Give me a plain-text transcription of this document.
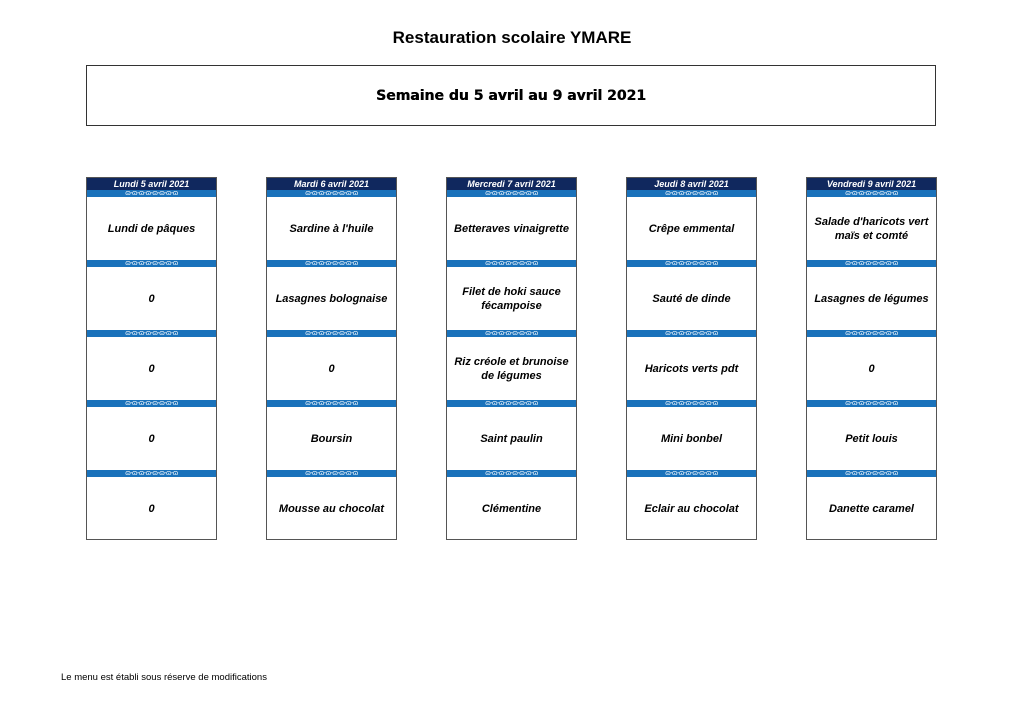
Restauration scolaire YMARE
Semaine du 5 avril au 9 avril 2021
Lundi 5 avril 2021
ɷ-ɷ-ɷ-ɷ-ɷ-ɷ-ɷ-ɷ
Lundi de pâques
ɷ-ɷ-ɷ-ɷ-ɷ-ɷ-ɷ-ɷ
0
ɷ-ɷ-ɷ-ɷ-ɷ-ɷ-ɷ-ɷ
0
ɷ-ɷ-ɷ-ɷ-ɷ-ɷ-ɷ-ɷ
0
ɷ-ɷ-ɷ-ɷ-ɷ-ɷ-ɷ-ɷ
0
Mardi 6 avril 2021
ɷ-ɷ-ɷ-ɷ-ɷ-ɷ-ɷ-ɷ
Sardine à l'huile
ɷ-ɷ-ɷ-ɷ-ɷ-ɷ-ɷ-ɷ
Lasagnes bolognaise
ɷ-ɷ-ɷ-ɷ-ɷ-ɷ-ɷ-ɷ
0
ɷ-ɷ-ɷ-ɷ-ɷ-ɷ-ɷ-ɷ
Boursin
ɷ-ɷ-ɷ-ɷ-ɷ-ɷ-ɷ-ɷ
Mousse au chocolat
Mercredi 7 avril 2021
ɷ-ɷ-ɷ-ɷ-ɷ-ɷ-ɷ-ɷ
Betteraves vinaigrette
ɷ-ɷ-ɷ-ɷ-ɷ-ɷ-ɷ-ɷ
Filet de hoki sauce fécampoise
ɷ-ɷ-ɷ-ɷ-ɷ-ɷ-ɷ-ɷ
Riz créole et brunoise de légumes
ɷ-ɷ-ɷ-ɷ-ɷ-ɷ-ɷ-ɷ
Saint paulin
ɷ-ɷ-ɷ-ɷ-ɷ-ɷ-ɷ-ɷ
Clémentine
Jeudi 8 avril 2021
ɷ-ɷ-ɷ-ɷ-ɷ-ɷ-ɷ-ɷ
Crêpe emmental
ɷ-ɷ-ɷ-ɷ-ɷ-ɷ-ɷ-ɷ
Sauté de dinde
ɷ-ɷ-ɷ-ɷ-ɷ-ɷ-ɷ-ɷ
Haricots verts pdt
ɷ-ɷ-ɷ-ɷ-ɷ-ɷ-ɷ-ɷ
Mini bonbel
ɷ-ɷ-ɷ-ɷ-ɷ-ɷ-ɷ-ɷ
Eclair au chocolat
Vendredi 9 avril 2021
ɷ-ɷ-ɷ-ɷ-ɷ-ɷ-ɷ-ɷ
Salade d'haricots vert maïs et comté
ɷ-ɷ-ɷ-ɷ-ɷ-ɷ-ɷ-ɷ
Lasagnes de légumes
ɷ-ɷ-ɷ-ɷ-ɷ-ɷ-ɷ-ɷ
0
ɷ-ɷ-ɷ-ɷ-ɷ-ɷ-ɷ-ɷ
Petit louis
ɷ-ɷ-ɷ-ɷ-ɷ-ɷ-ɷ-ɷ
Danette caramel
Le menu est établi sous réserve de modifications
